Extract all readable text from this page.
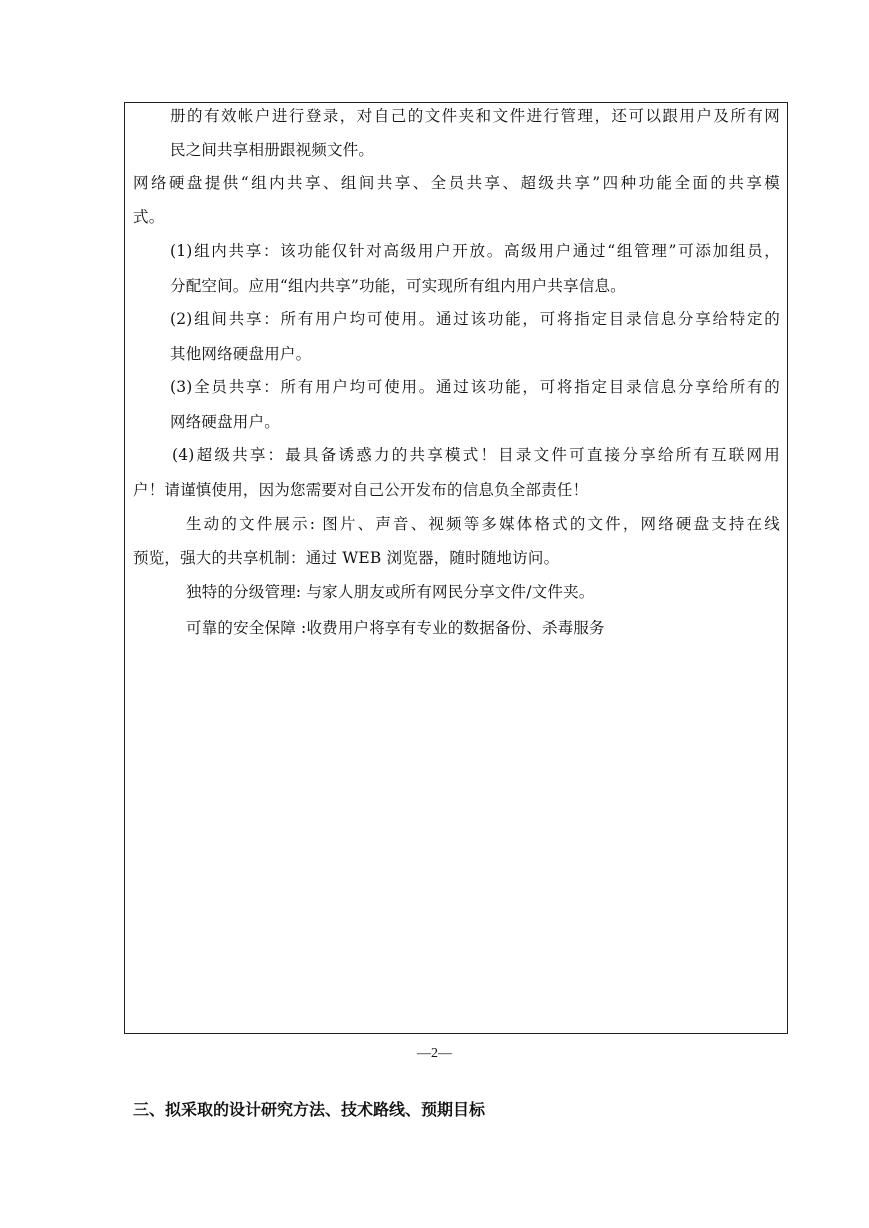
册的有效帐户进行登录，对自己的文件夹和文件进行管理，还可以跟用户及所有网
民之间共享相册跟视频文件。
网络硬盘提供“组内共享、组间共享、全员共享、超级共享”四种功能全面的共享模
式。
(1)组内共享：该功能仅针对高级用户开放。高级用户通过“组管理”可添加组员，
分配空间。应用“组内共享”功能，可实现所有组内用户共享信息。
(2)组间共享：所有用户均可使用。通过该功能，可将指定目录信息分享给特定的
其他网络硬盘用户。
(3)全员共享：所有用户均可使用。通过该功能，可将指定目录信息分享给所有的
网络硬盘用户。
(4)超级共享：最具备诱惑力的共享模式！目录文件可直接分享给所有互联网用
户！请谨慎使用，因为您需要对自己公开发布的信息负全部责任！
生动的文件展示: 图片、声音、视频等多媒体格式的文件，网络硬盘支持在线
预览，强大的共享机制：通过 WEB 浏览器，随时随地访问。
独特的分级管理: 与家人朋友或所有网民分享文件/文件夹。
可靠的安全保障 :收费用户将享有专业的数据备份、杀毒服务
—2—
三、拟采取的设计研究方法、技术路线、预期目标
